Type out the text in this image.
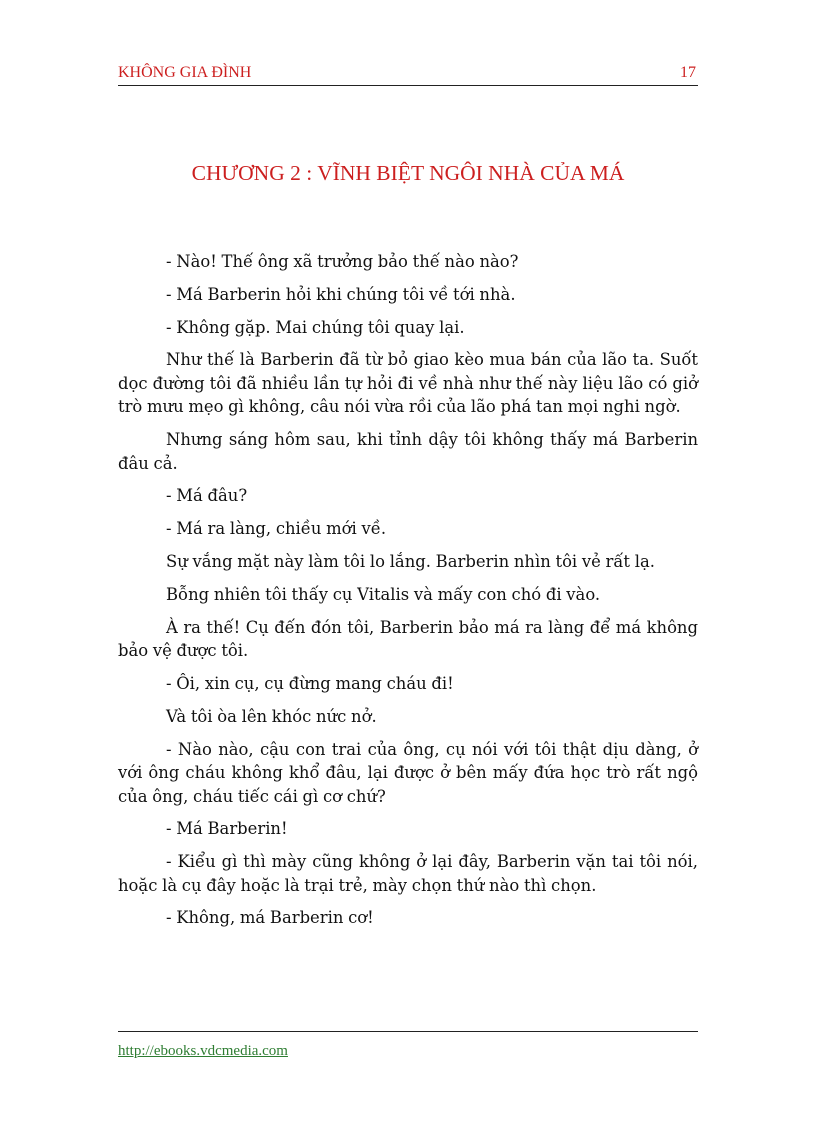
KHÔNG GIA ĐÌNH	17
CHƯƠNG 2 : VĨNH BIỆT NGÔI NHÀ CỦA MÁ

- Nào! Thế ông xã trưởng bảo thế nào nào?

- Má Barberin hỏi khi chúng tôi về tới nhà.

- Không gặp. Mai chúng tôi quay lại.

Như thế là Barberin đã từ bỏ giao kèo mua bán của lão ta. Suốt dọc đường tôi đã nhiều lần tự hỏi đi về nhà như thế này liệu lão có giở trò mưu mẹo gì không, câu nói vừa rồi của lão phá tan mọi nghi ngờ.

Nhưng sáng hôm sau, khi tỉnh dậy tôi không thấy má Barberin đâu cả.

- Má đâu?

- Má ra làng, chiều mới về.

Sự vắng mặt này làm tôi lo lắng. Barberin nhìn tôi vẻ rất lạ.

Bỗng nhiên tôi thấy cụ Vitalis và mấy con chó đi vào.

À ra thế! Cụ đến đón tôi, Barberin bảo má ra làng để má không bảo vệ được tôi.

- Ôi, xin cụ, cụ đừng mang cháu đi!

Và tôi òa lên khóc nức nở.

- Nào nào, cậu con trai của ông, cụ nói với tôi thật dịu dàng, ở với ông cháu không khổ đâu, lại được ở bên mấy đứa học trò rất ngộ của ông, cháu tiếc cái gì cơ chứ?

- Má Barberin!

- Kiểu gì thì mày cũng không ở lại đây, Barberin vặn tai tôi nói, hoặc là cụ đây hoặc là trại trẻ, mày chọn thứ nào thì chọn.

- Không, má Barberin cơ!

http://ebooks.vdcmedia.com
